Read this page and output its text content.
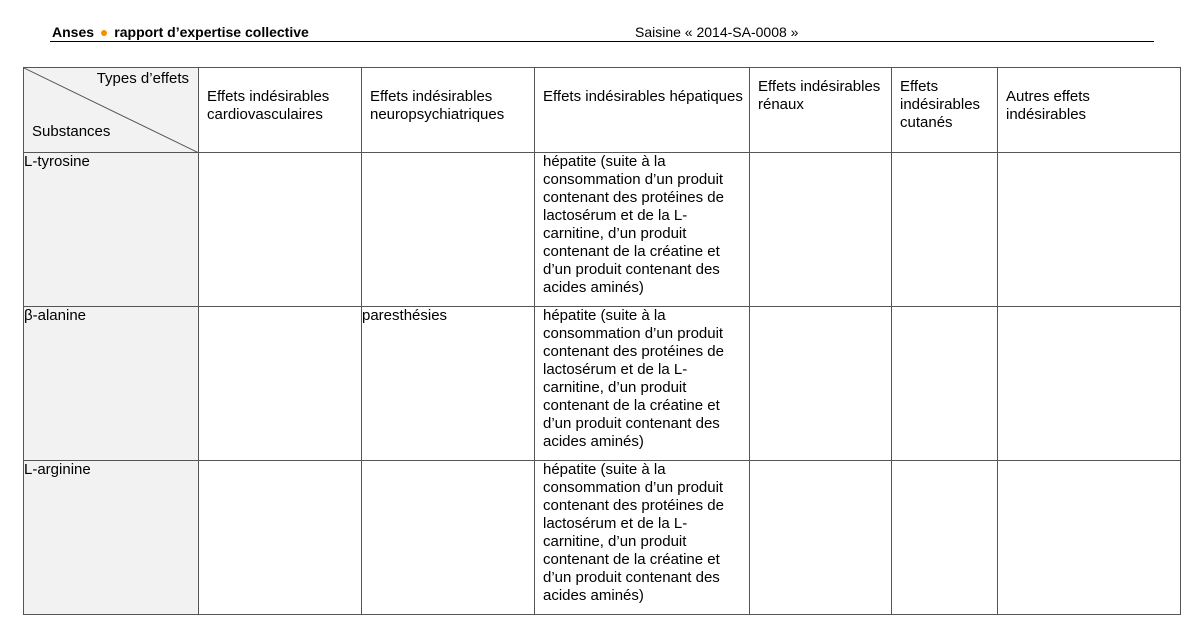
Anses ● rapport d’expertise collective	Saisine « 2014-SA-0008 »
Types d’effets
Substances	Effets indésirables cardiovasculaires	Effets indésirables neuropsychiatriques	Effets indésirables hépatiques	Effets indésirables rénaux	Effets indésirables cutanés	Autres effets indésirables

L-tyrosine			hépatite (suite à la consommation d’un produit contenant des protéines de lactosérum et de la L-carnitine, d’un produit contenant de la créatine et d’un produit contenant des acides aminés)			

β-alanine		paresthésies	hépatite (suite à la consommation d’un produit contenant des protéines de lactosérum et de la L-carnitine, d’un produit contenant de la créatine et d’un produit contenant des acides aminés)			

L-arginine			hépatite (suite à la consommation d’un produit contenant des protéines de lactosérum et de la L-carnitine, d’un produit contenant de la créatine et d’un produit contenant des acides aminés)			
